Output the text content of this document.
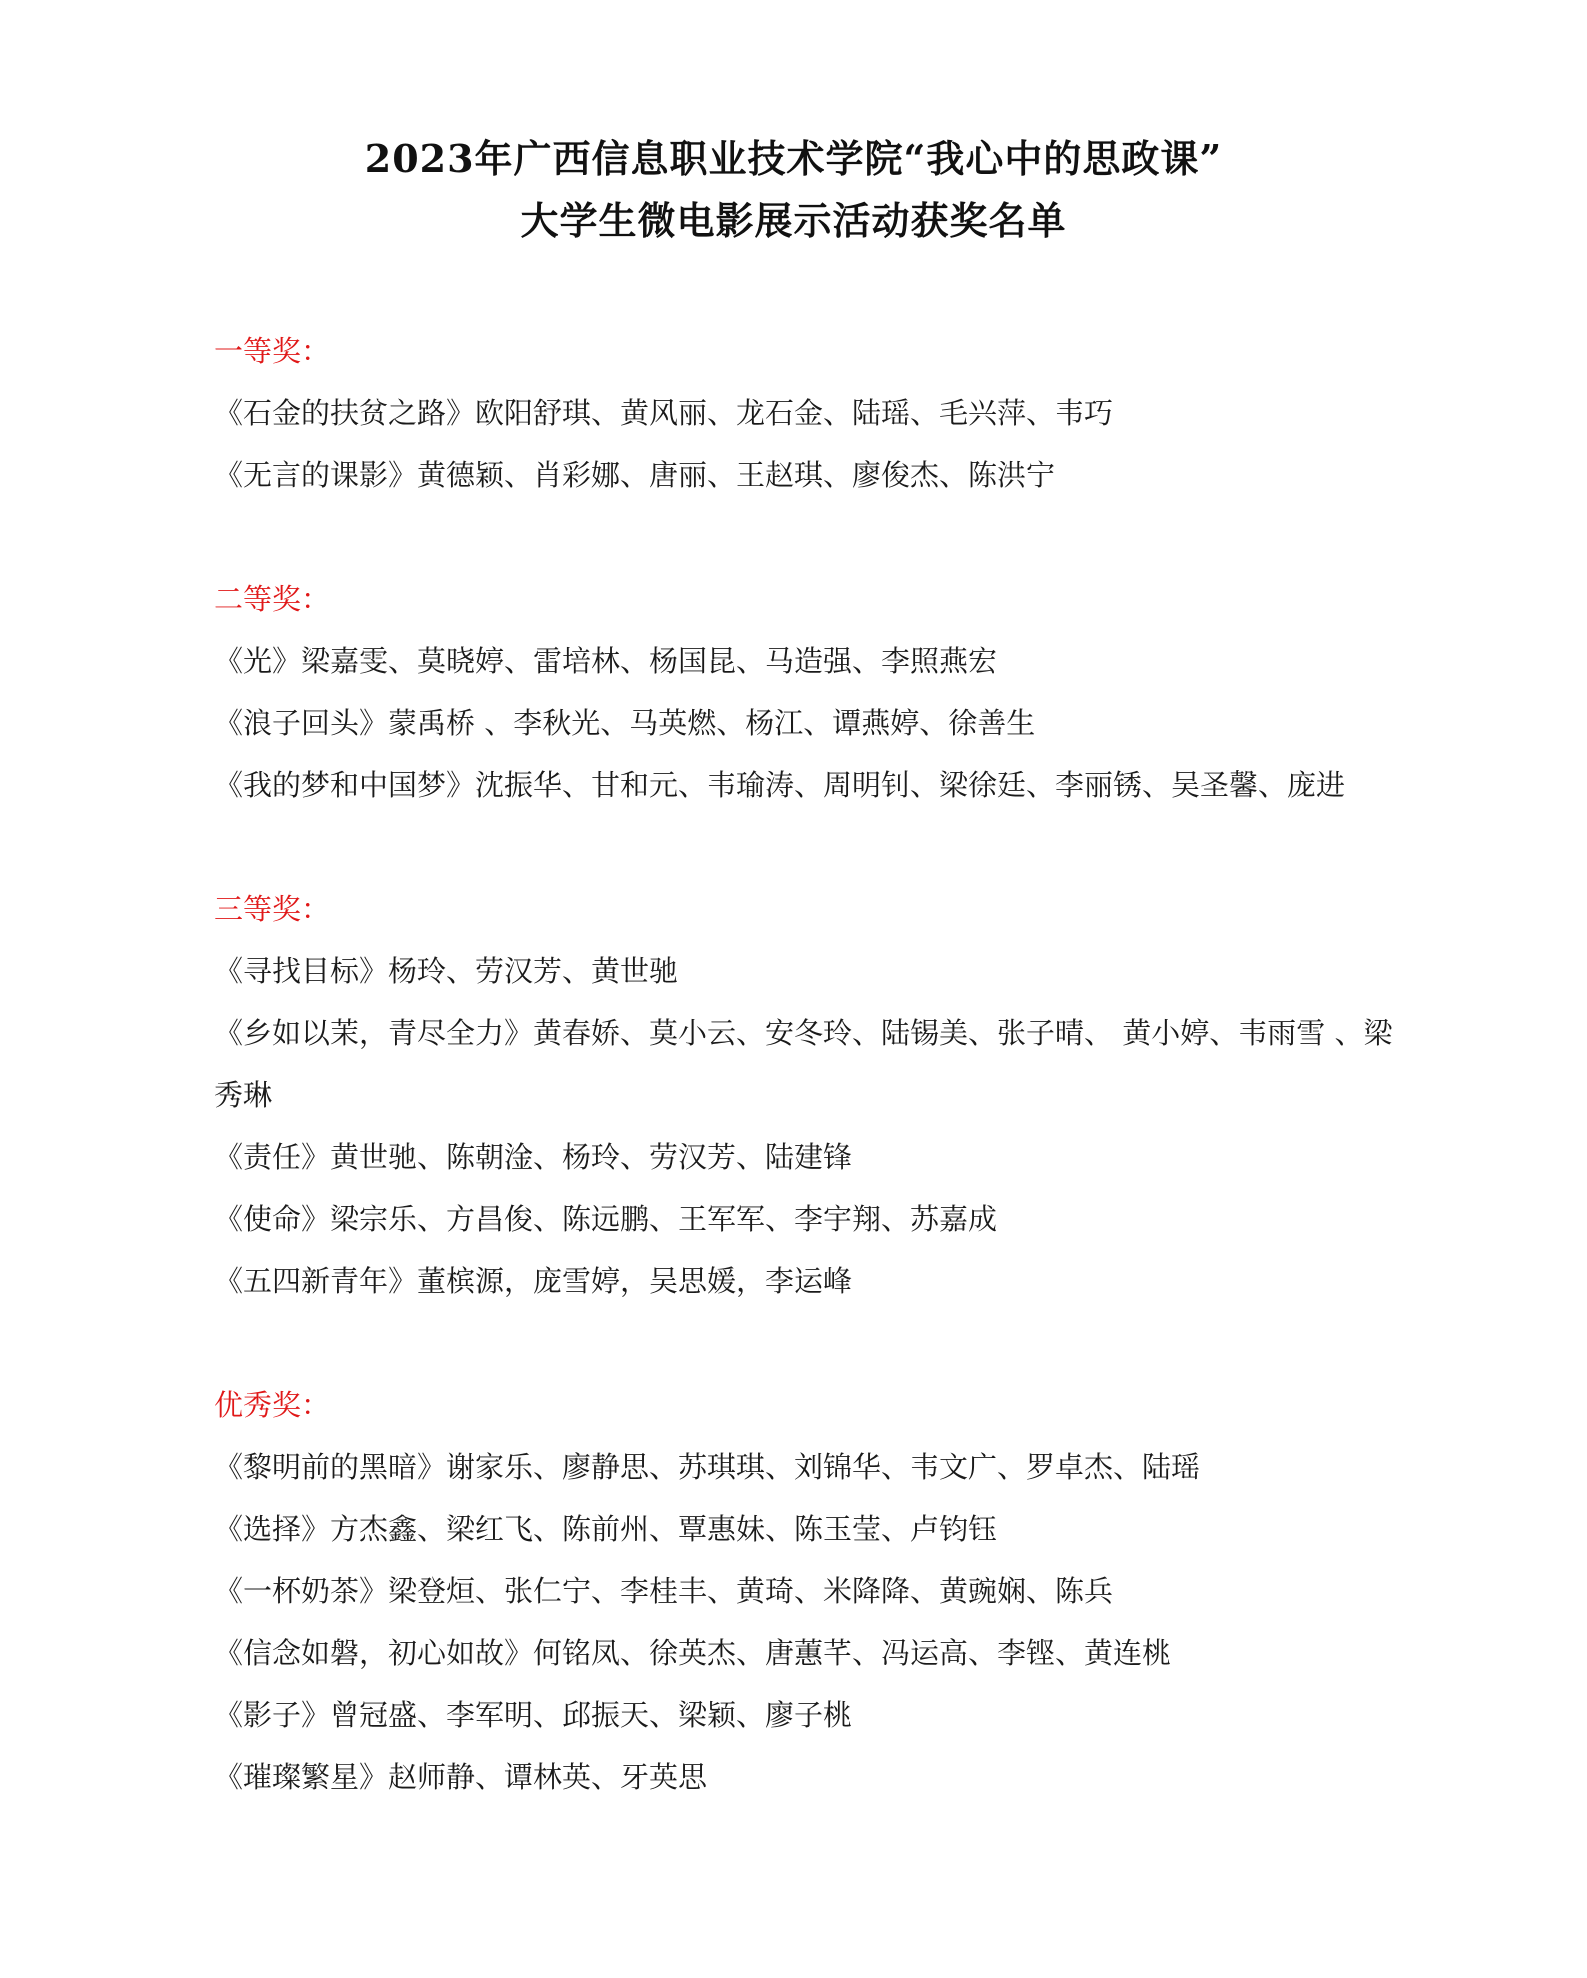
2023年广西信息职业技术学院“我心中的思政课”
大学生微电影展示活动获奖名单
一等奖：
《石金的扶贫之路》欧阳舒琪、黄风丽、龙石金、陆瑶、毛兴萍、韦巧
《无言的课影》黄德颖、肖彩娜、唐丽、王赵琪、廖俊杰、陈洪宁
二等奖：
《光》梁嘉雯、莫晓婷、雷培林、杨国昆、马造强、李照燕宏
《浪子回头》蒙禹桥 、李秋光、马英燃、杨江、谭燕婷、徐善生
《我的梦和中国梦》沈振华、甘和元、韦瑜涛、周明钊、梁徐廷、李丽锈、吴圣馨、庞进
三等奖：
《寻找目标》杨玲、劳汉芳、黄世驰
《乡如以茉，青尽全力》黄春娇、莫小云、安冬玲、陆锡美、张子晴、 黄小婷、韦雨雪 、梁秀琳
《责任》黄世驰、陈朝淦、杨玲、劳汉芳、陆建锋
《使命》梁宗乐、方昌俊、陈远鹏、王军军、李宇翔、苏嘉成
《五四新青年》董槟源，庞雪婷，吴思媛，李运峰
优秀奖：
《黎明前的黑暗》谢家乐、廖静思、苏琪琪、刘锦华、韦文广、罗卓杰、陆瑶
《选择》方杰鑫、梁红飞、陈前州、覃惠妹、陈玉莹、卢钧钰
《一杯奶茶》梁登烜、张仁宁、李桂丰、黄琦、米降降、黄豌娴、陈兵
《信念如磐，初心如故》何铭凤、徐英杰、唐蕙芊、冯运高、李铿、黄连桃
《影子》曾冠盛、李军明、邱振天、梁颖、廖子桃
《璀璨繁星》赵师静、谭林英、牙英思
